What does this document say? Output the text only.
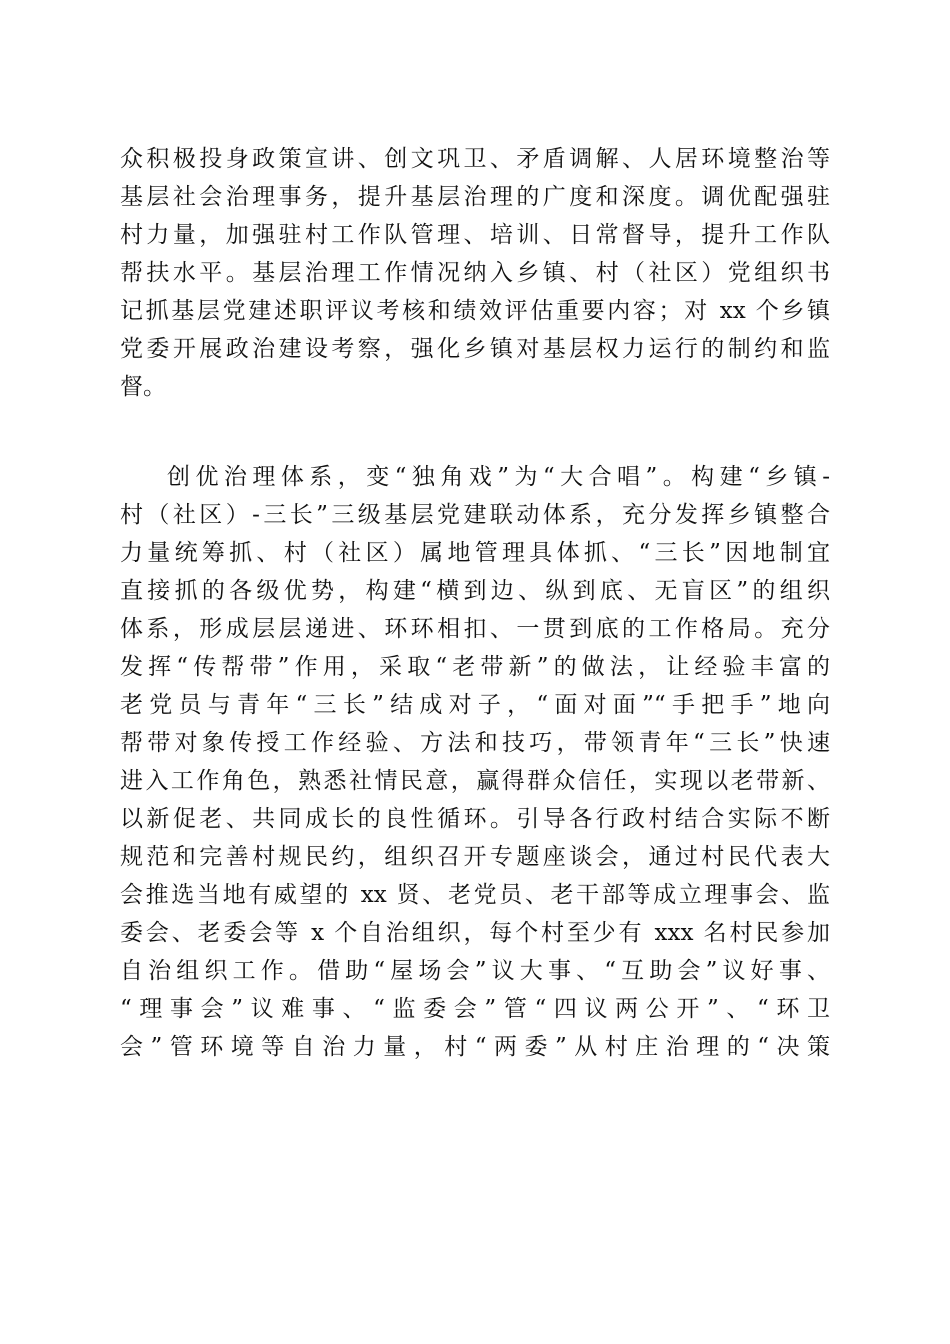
众积极投身政策宣讲、创文巩卫、矛盾调解、人居环境整治等
基层社会治理事务，提升基层治理的广度和深度。调优配强驻
村力量，加强驻村工作队管理、培训、日常督导，提升工作队
帮扶水平。基层治理工作情况纳入乡镇、村（社区）党组织书
记抓基层党建述职评议考核和绩效评估重要内容；对 xx 个乡镇
党委开展政治建设考察，强化乡镇对基层权力运行的制约和监
督。
创优治理体系，变“独角戏”为“大合唱”。构建“乡镇-
村（社区）-三长”三级基层党建联动体系，充分发挥乡镇整合
力量统筹抓、村（社区）属地管理具体抓、“三长”因地制宜
直接抓的各级优势，构建“横到边、纵到底、无盲区”的组织
体系，形成层层递进、环环相扣、一贯到底的工作格局。充分
发挥“传帮带”作用，采取“老带新”的做法，让经验丰富的
老党员与青年“三长”结成对子，“面对面”“手把手”地向
帮带对象传授工作经验、方法和技巧，带领青年“三长”快速
进入工作角色，熟悉社情民意，赢得群众信任，实现以老带新、
以新促老、共同成长的良性循环。引导各行政村结合实际不断
规范和完善村规民约，组织召开专题座谈会，通过村民代表大
会推选当地有威望的 xx 贤、老党员、老干部等成立理事会、监
委会、老委会等 x 个自治组织，每个村至少有 xxx 名村民参加
自治组织工作。借助“屋场会”议大事、“互助会”议好事、
“理事会”议难事、“监委会”管“四议两公开”、“环卫
会”管环境等自治力量，村“两委”从村庄治理的“决策
